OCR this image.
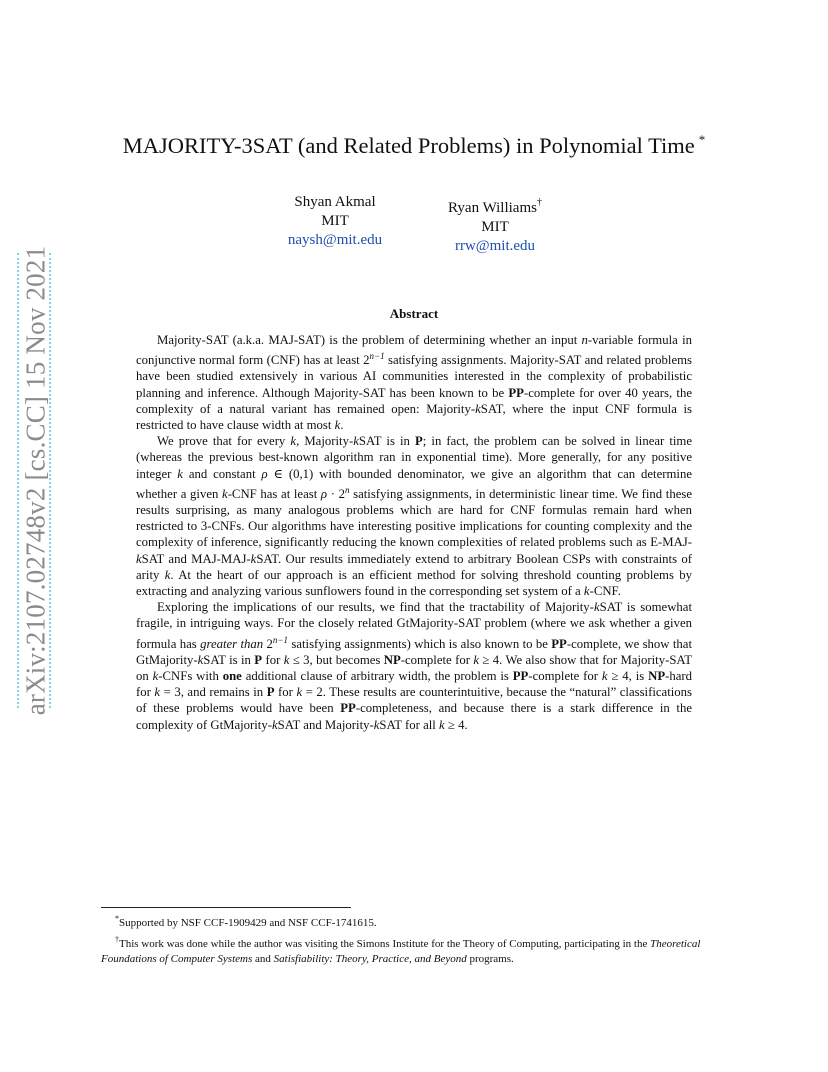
arXiv:2107.02748v2 [cs.CC] 15 Nov 2021
MAJORITY-3SAT (and Related Problems) in Polynomial Time *
Shyan Akmal
MIT
naysh@mit.edu
Ryan Williams†
MIT
rrw@mit.edu
Abstract

Majority-SAT (a.k.a. MAJ-SAT) is the problem of determining whether an input n-variable formula in conjunctive normal form (CNF) has at least $2^{n-1}$ satisfying assignments. Majority-SAT and related problems have been studied extensively in various AI communities interested in the complexity of probabilistic planning and inference. Although Majority-SAT has been known to be PP-complete for over 40 years, the complexity of a natural variant has remained open: Majority-kSAT, where the input CNF formula is restricted to have clause width at most k.

We prove that for every k, Majority-kSAT is in P; in fact, the problem can be solved in linear time (whereas the previous best-known algorithm ran in exponential time). More generally, for any positive integer k and constant ρ ∈ (0,1) with bounded denominator, we give an algorithm that can determine whether a given k-CNF has at least $\rho \cdot 2^n$ satisfying assignments, in deterministic linear time. We find these results surprising, as many analogous problems which are hard for CNF formulas remain hard when restricted to 3-CNFs. Our algorithms have interesting positive implications for counting complexity and the complexity of inference, significantly reducing the known complexities of related problems such as E-MAJ-kSAT and MAJ-MAJ-kSAT. Our results immediately extend to arbitrary Boolean CSPs with constraints of arity k. At the heart of our approach is an efficient method for solving threshold counting problems by extracting and analyzing various sunflowers found in the corresponding set system of a k-CNF.

Exploring the implications of our results, we find that the tractability of Majority-kSAT is somewhat fragile, in intriguing ways. For the closely related GtMajority-SAT problem (where we ask whether a given formula has greater than $2^{n-1}$ satisfying assignments) which is also known to be PP-complete, we show that GtMajority-kSAT is in P for k ≤ 3, but becomes NP-complete for k ≥ 4. We also show that for Majority-SAT on k-CNFs with one additional clause of arbitrary width, the problem is PP-complete for k ≥ 4, is NP-hard for k = 3, and remains in P for k = 2. These results are counterintuitive, because the “natural” classifications of these problems would have been PP-completeness, and because there is a stark difference in the complexity of GtMajority-kSAT and Majority-kSAT for all k ≥ 4.

*Supported by NSF CCF-1909429 and NSF CCF-1741615.

†This work was done while the author was visiting the Simons Institute for the Theory of Computing, participating in the Theoretical Foundations of Computer Systems and Satisfiability: Theory, Practice, and Beyond programs.
